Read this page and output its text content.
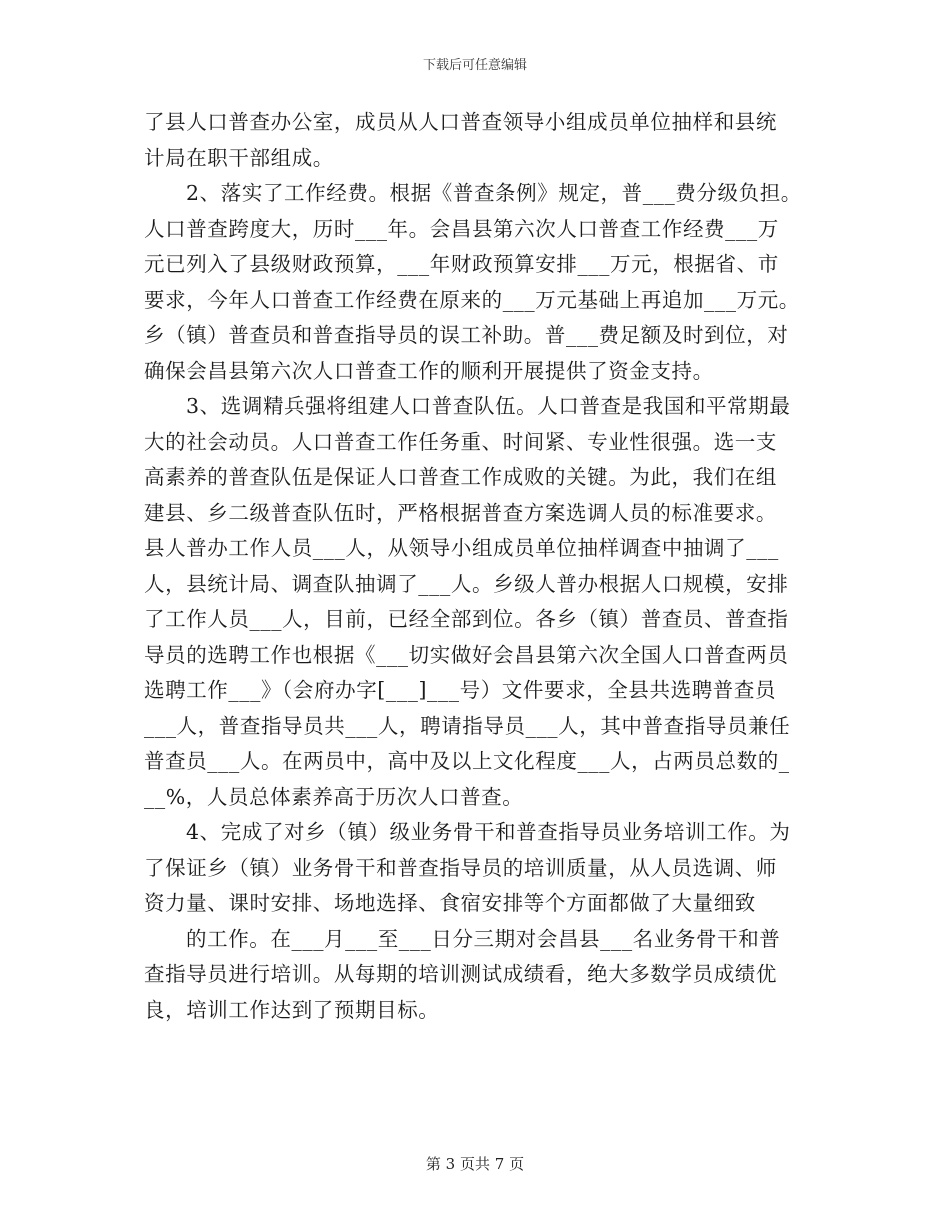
下载后可任意编辑
了县人口普查办公室，成员从人口普查领导小组成员单位抽样和县统
计局在职干部组成。
2、落实了工作经费。根据《普查条例》规定，普___费分级负担。
人口普查跨度大，历时___年。会昌县第六次人口普查工作经费___万
元已列入了县级财政预算，___年财政预算安排___万元，根据省、市
要求，今年人口普查工作经费在原来的___万元基础上再追加___万元。
乡（镇）普查员和普查指导员的误工补助。普___费足额及时到位，对
确保会昌县第六次人口普查工作的顺利开展提供了资金支持。
3、选调精兵强将组建人口普查队伍。人口普查是我国和平常期最
大的社会动员。人口普查工作任务重、时间紧、专业性很强。选一支
高素养的普查队伍是保证人口普查工作成败的关键。为此，我们在组
建县、乡二级普查队伍时，严格根据普查方案选调人员的标准要求。
县人普办工作人员___人，从领导小组成员单位抽样调查中抽调了___
人，县统计局、调查队抽调了___人。乡级人普办根据人口规模，安排
了工作人员___人，目前，已经全部到位。各乡（镇）普查员、普查指
导员的选聘工作也根据《___切实做好会昌县第六次全国人口普查两员
选聘工作___》（会府办字[___]___号）文件要求，全县共选聘普查员
___人，普查指导员共___人，聘请指导员___人，其中普查指导员兼任
普查员___人。在两员中，高中及以上文化程度___人，占两员总数的_
__%，人员总体素养高于历次人口普查。
4、完成了对乡（镇）级业务骨干和普查指导员业务培训工作。为
了保证乡（镇）业务骨干和普查指导员的培训质量，从人员选调、师
资力量、课时安排、场地选择、食宿安排等个方面都做了大量细致
的工作。在___月___至___日分三期对会昌县___名业务骨干和普
查指导员进行培训。从每期的培训测试成绩看，绝大多数学员成绩优
良，培训工作达到了预期目标。
第 3 页共 7 页
